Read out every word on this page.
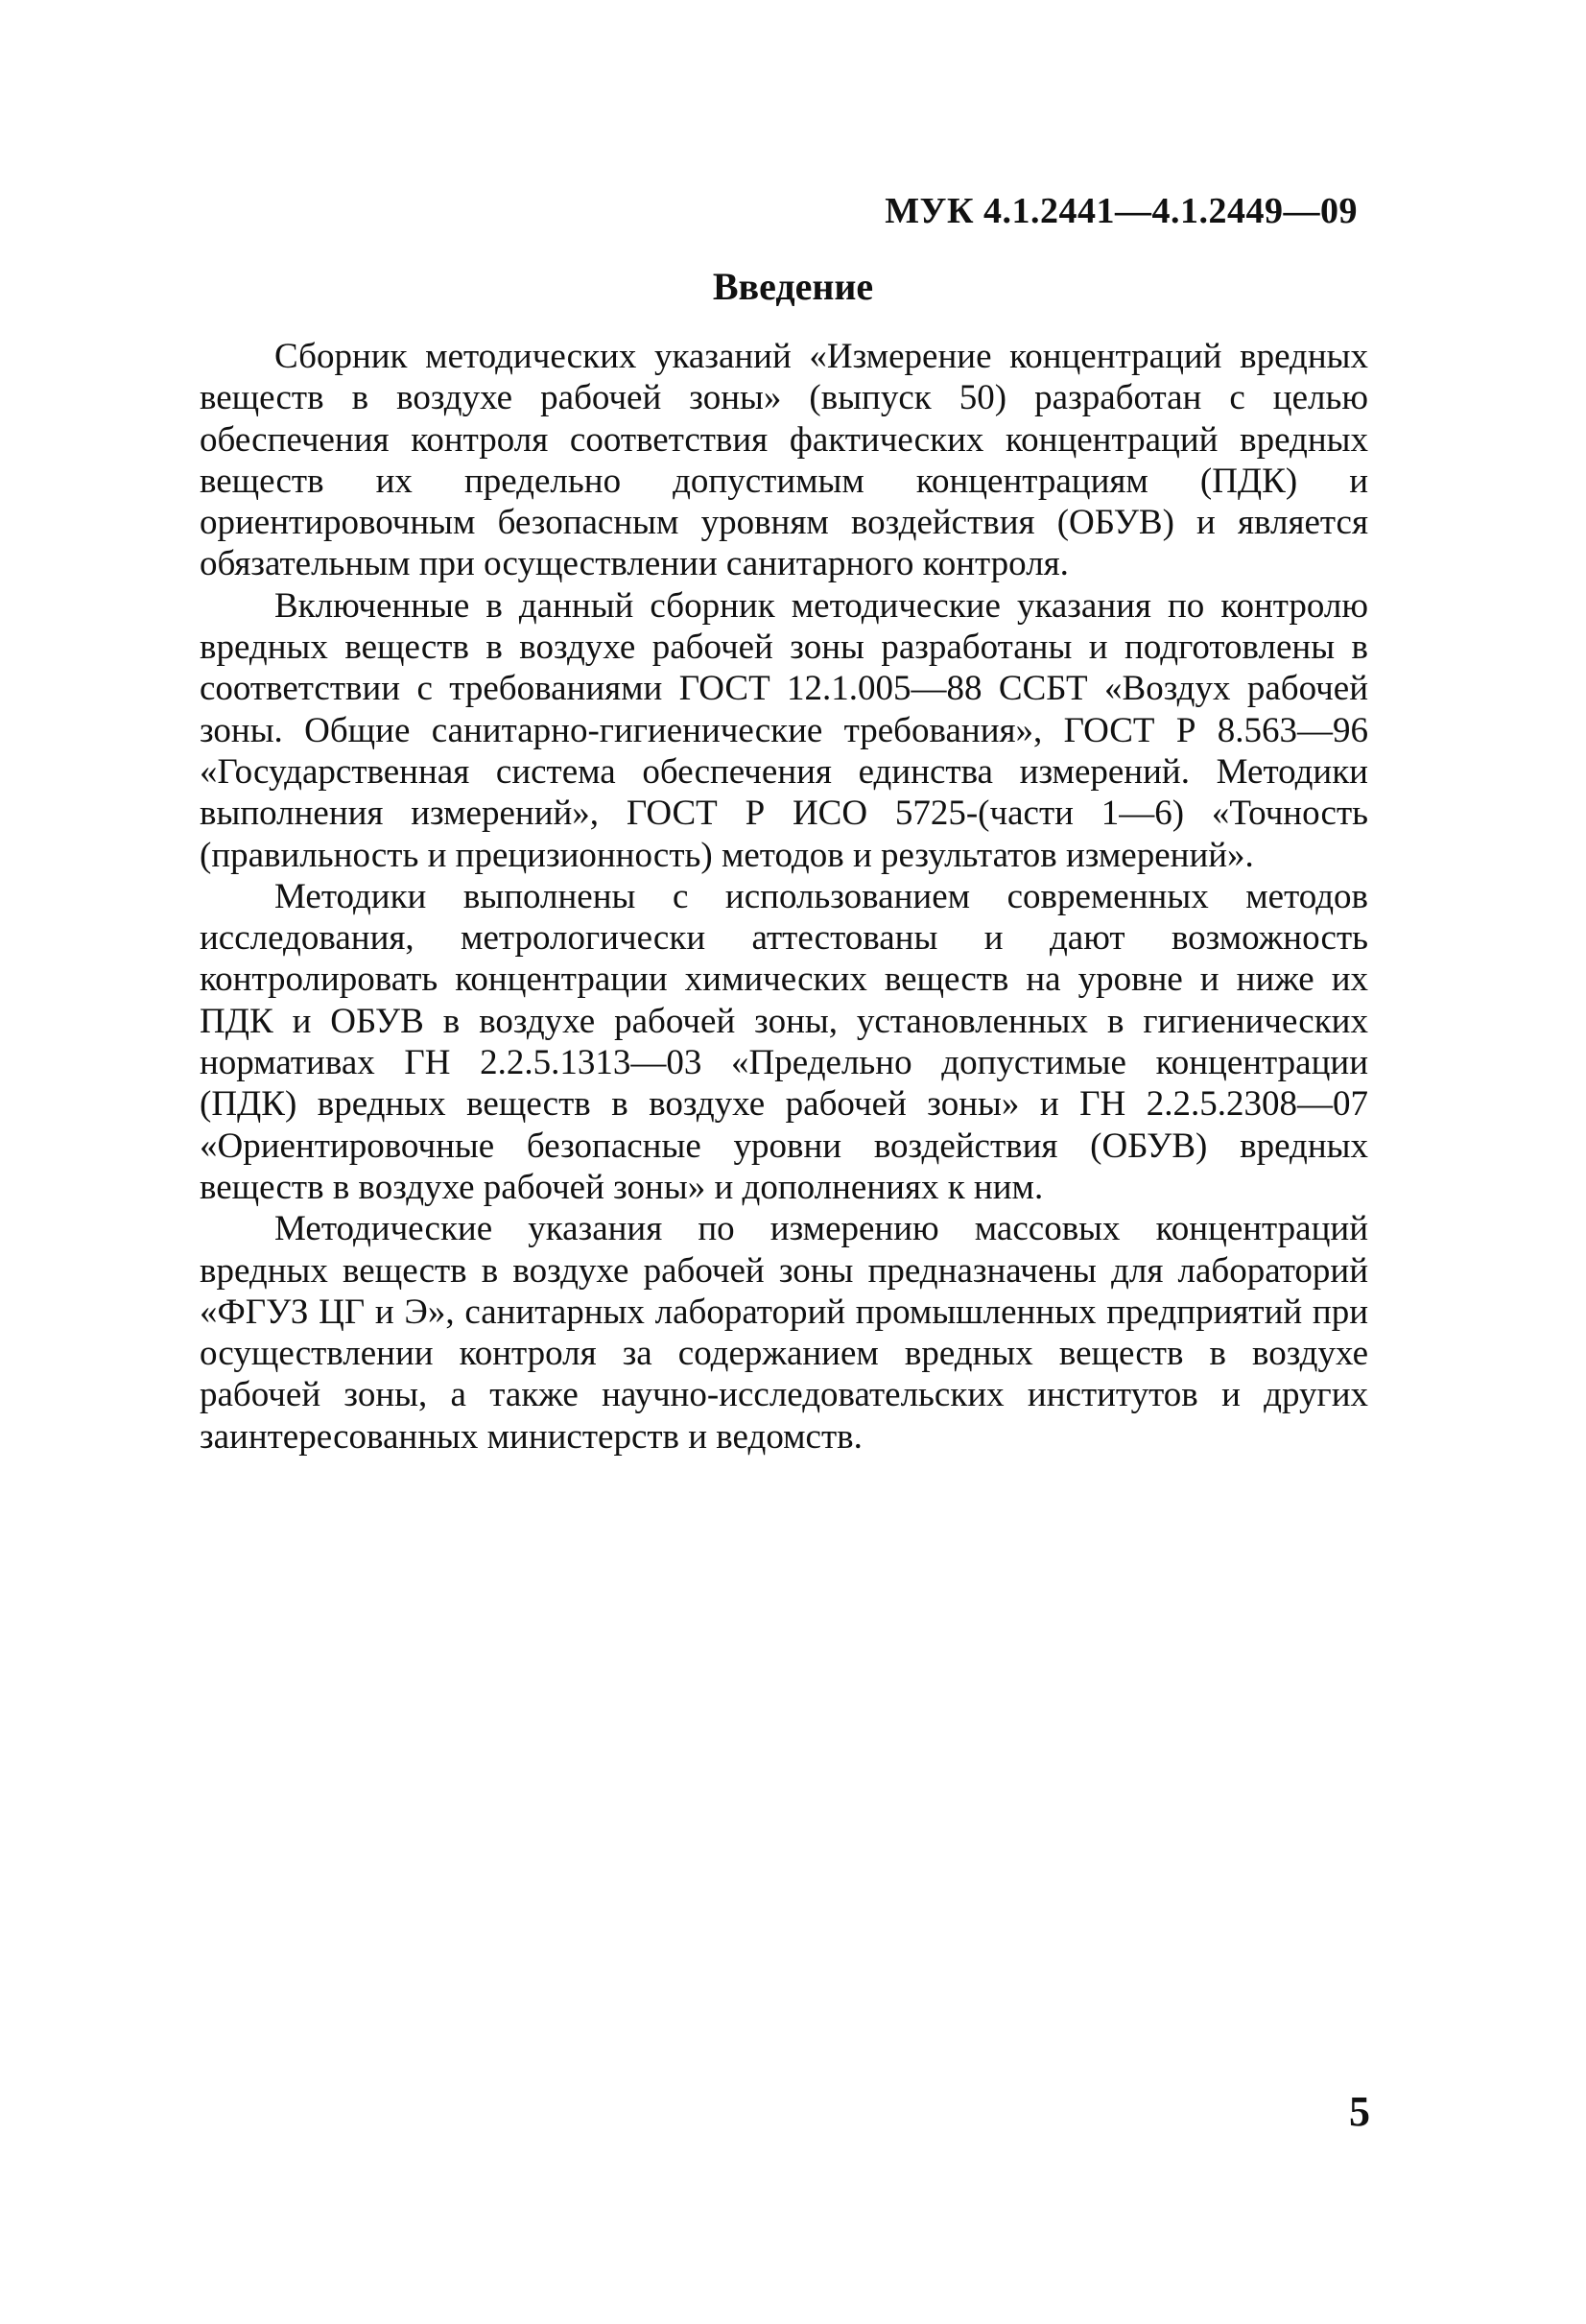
МУК 4.1.2441—4.1.2449—09
Введение

Сборник методических указаний «Измерение концентраций вредных веществ в воздухе рабочей зоны» (выпуск 50) разработан с целью обеспечения контроля соответствия фактических концентраций вредных веществ их предельно допустимым концентрациям (ПДК) и ориентировочным безопасным уровням воздействия (ОБУВ) и является обязательным при осуществлении санитарного контроля.

Включенные в данный сборник методические указания по контролю вредных веществ в воздухе рабочей зоны разработаны и подготовлены в соответствии с требованиями ГОСТ 12.1.005—88 ССБТ «Воздух рабочей зоны. Общие санитарно-гигиенические требования», ГОСТ Р 8.563—96 «Государственная система обеспечения единства измерений. Методики выполнения измерений», ГОСТ Р ИСО 5725-(части 1—6) «Точность (правильность и прецизионность) методов и результатов измерений».

Методики выполнены с использованием современных методов исследования, метрологически аттестованы и дают возможность контролировать концентрации химических веществ на уровне и ниже их ПДК и ОБУВ в воздухе рабочей зоны, установленных в гигиенических нормативах ГН 2.2.5.1313—03 «Предельно допустимые концентрации (ПДК) вредных веществ в воздухе рабочей зоны» и ГН 2.2.5.2308—07 «Ориентировочные безопасные уровни воздействия (ОБУВ) вредных веществ в воздухе рабочей зоны» и дополнениях к ним.

Методические указания по измерению массовых концентраций вредных веществ в воздухе рабочей зоны предназначены для лабораторий «ФГУЗ ЦГ и Э», санитарных лабораторий промышленных предприятий при осуществлении контроля за содержанием вредных веществ в воздухе рабочей зоны, а также научно-исследовательских институтов и других заинтересованных министерств и ведомств.

5
